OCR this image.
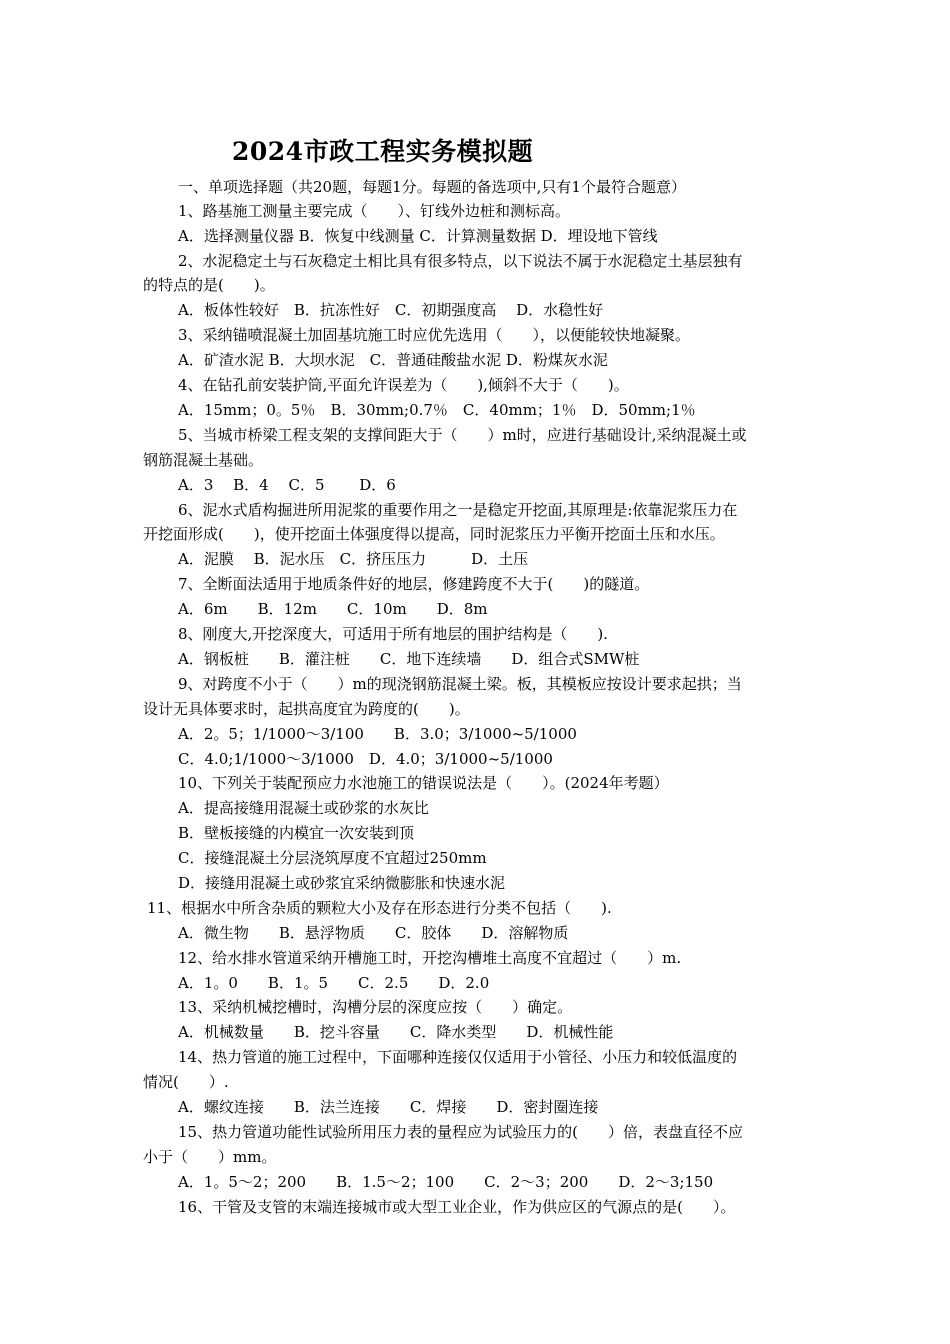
2024市政工程实务模拟题
一、单项选择题（共20题，每题1分。每题的备选项中,只有1个最符合题意）
1、路基施工测量主要完成（　　）、钉线外边桩和测标高。
A．选择测量仪器 B．恢复中线测量 C．计算测量数据 D．埋设地下管线
2、水泥稳定土与石灰稳定土相比具有很多特点，以下说法不属于水泥稳定土基层独有
的特点的是(　　)。
A．板体性较好　B．抗冻性好　C．初期强度高　 D．水稳性好
3、采纳锚喷混凝土加固基坑施工时应优先选用（　　），以便能较快地凝聚。
A．矿渣水泥 B．大坝水泥　C．普通硅酸盐水泥 D．粉煤灰水泥
4、在钻孔前安装护筒,平面允许误差为（　　),倾斜不大于（　　)。
A．15mm；0。5％　B．30mm;0.7％　C．40mm；1％　D．50mm;1％
5、当城市桥梁工程支架的支撑间距大于（　　）m时，应进行基础设计,采纳混凝土或
钢筋混凝土基础。
A．3　 B．4　 C．5　　 D．6
6、泥水式盾构掘进所用泥浆的重要作用之一是稳定开挖面,其原理是:依靠泥浆压力在
开挖面形成(　　)，使开挖面土体强度得以提高，同时泥浆压力平衡开挖面土压和水压。
A．泥膜　 B．泥水压　C．挤压压力　　　D．土压
7、全断面法适用于地质条件好的地层，修建跨度不大于(　　)的隧道。
A．6m　　B．12m　　C．10m　　D．8m
8、刚度大,开挖深度大，可适用于所有地层的围护结构是（　　).
A．钢板桩　　B．灌注桩　　C．地下连续墙　　D．组合式SMW桩
9、对跨度不小于（　　）m的现浇钢筋混凝土梁。板，其模板应按设计要求起拱；当
设计无具体要求时，起拱高度宜为跨度的(　　)。
A．2。5；1/1000～3/100　　B．3.0；3/1000~5/1000
C．4.0;1/1000～3/1000　D．4.0；3/1000~5/1000
10、下列关于装配预应力水池施工的错误说法是（　　）。(2024年考题）
A．提高接缝用混凝土或砂浆的水灰比
B．壁板接缝的内模宜一次安装到顶
C．接缝混凝土分层浇筑厚度不宜超过250mm
D．接缝用混凝土或砂浆宜采纳微膨胀和快速水泥
11、根据水中所含杂质的颗粒大小及存在形态进行分类不包括（　　).
A．微生物　　B．悬浮物质　　C．胶体　　D．溶解物质
12、给水排水管道采纳开槽施工时，开挖沟槽堆土高度不宜超过（　　）m.
A．1。0　　B．1。5　　C．2.5　　D．2.0
13、采纳机械挖槽时，沟槽分层的深度应按（　　）确定。
A．机械数量　　B．挖斗容量　　C．降水类型　　D．机械性能
14、热力管道的施工过程中，下面哪种连接仅仅适用于小管径、小压力和较低温度的
情况(　　）.
A．螺纹连接　　B．法兰连接　　C．焊接　　D．密封圈连接
15、热力管道功能性试验所用压力表的量程应为试验压力的(　　）倍，表盘直径不应
小于（　　）mm。
A．1。5～2；200　　B．1.5～2；100　　C．2～3；200　　D．2～3;150
16、干管及支管的末端连接城市或大型工业企业，作为供应区的气源点的是(　　）。
